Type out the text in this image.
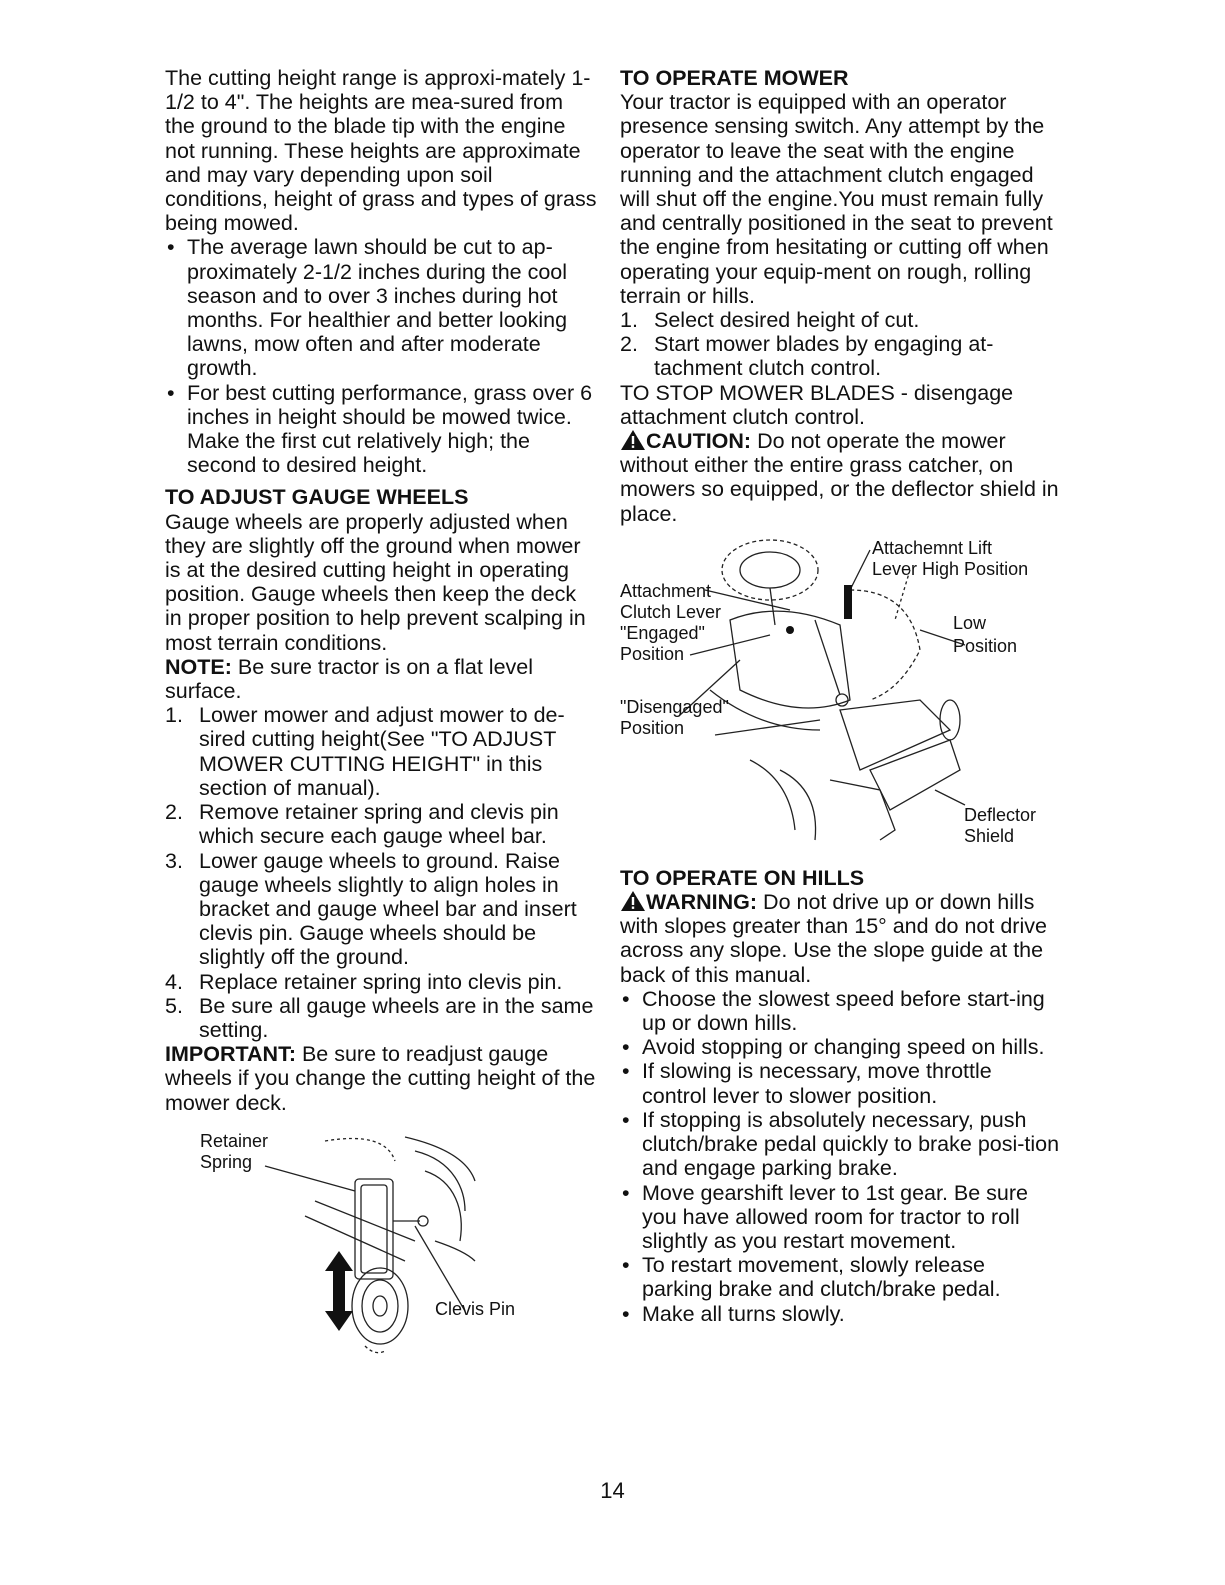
The cutting height range is approxi-mately 1-1/2 to 4". The heights are mea-sured from the ground to the blade tip with the engine not running. These heights are approximate and may vary depending upon soil conditions, height of grass and types of grass being mowed.

• The average lawn should be cut to ap-proximately 2-1/2 inches during the cool season and to over 3 inches during hot months. For healthier and better looking lawns, mow often and after moderate growth.
• For best cutting performance, grass over 6 inches in height should be mowed twice. Make the first cut relatively high; the second to desired height.

TO ADJUST GAUGE WHEELS

Gauge wheels are properly adjusted when they are slightly off the ground when mower is at the desired cutting height in operating position. Gauge wheels then keep the deck in proper position to help prevent scalping in most terrain conditions.

NOTE: Be sure tractor is on a flat level surface.

1. Lower mower and adjust mower to de-sired cutting height(See "TO ADJUST MOWER CUTTING HEIGHT" in this section of manual).
2. Remove retainer spring and clevis pin which secure each gauge wheel bar.
3. Lower gauge wheels to ground. Raise gauge wheels slightly to align holes in bracket and gauge wheel bar and insert clevis pin. Gauge wheels should be slightly off the ground.
4. Replace retainer spring into clevis pin.
5. Be sure all gauge wheels are in the same setting.

IMPORTANT: Be sure to readjust gauge wheels if you change the cutting height of the mower deck.

Retainer
Spring
Clevis Pin

TO OPERATE MOWER

Your tractor is equipped with an operator presence sensing switch. Any attempt by the operator to leave the seat with the engine running and the attachment clutch engaged will shut off the engine.You must remain fully and centrally positioned in the seat to prevent the engine from hesitating or cutting off when operating your equip-ment on rough, rolling terrain or hills.

1. Select desired height of cut.
2. Start mower blades by engaging at-tachment clutch control.

TO STOP MOWER BLADES - disengage attachment clutch control.

CAUTION: Do not operate the mower without either the entire grass catcher, on mowers so equipped, or the deflector shield in place.

Attachemnt Lift
Lever High Position
Attachment
Clutch Lever
"Engaged"
Position
Low
Position
"Disengaged"
Position
Deflector
Shield

TO OPERATE ON HILLS

WARNING: Do not drive up or down hills with slopes greater than 15° and do not drive across any slope. Use the slope guide at the back of this manual.

• Choose the slowest speed before start-ing up or down hills.
• Avoid stopping or changing speed on hills.
• If slowing is necessary, move throttle control lever to slower position.
• If stopping is absolutely necessary, push clutch/brake pedal quickly to brake posi-tion and engage parking brake.
• Move gearshift lever to 1st gear. Be sure you have allowed room for tractor to roll slightly as you restart movement.
• To restart movement, slowly release parking brake and clutch/brake pedal.
• Make all turns slowly.
14
